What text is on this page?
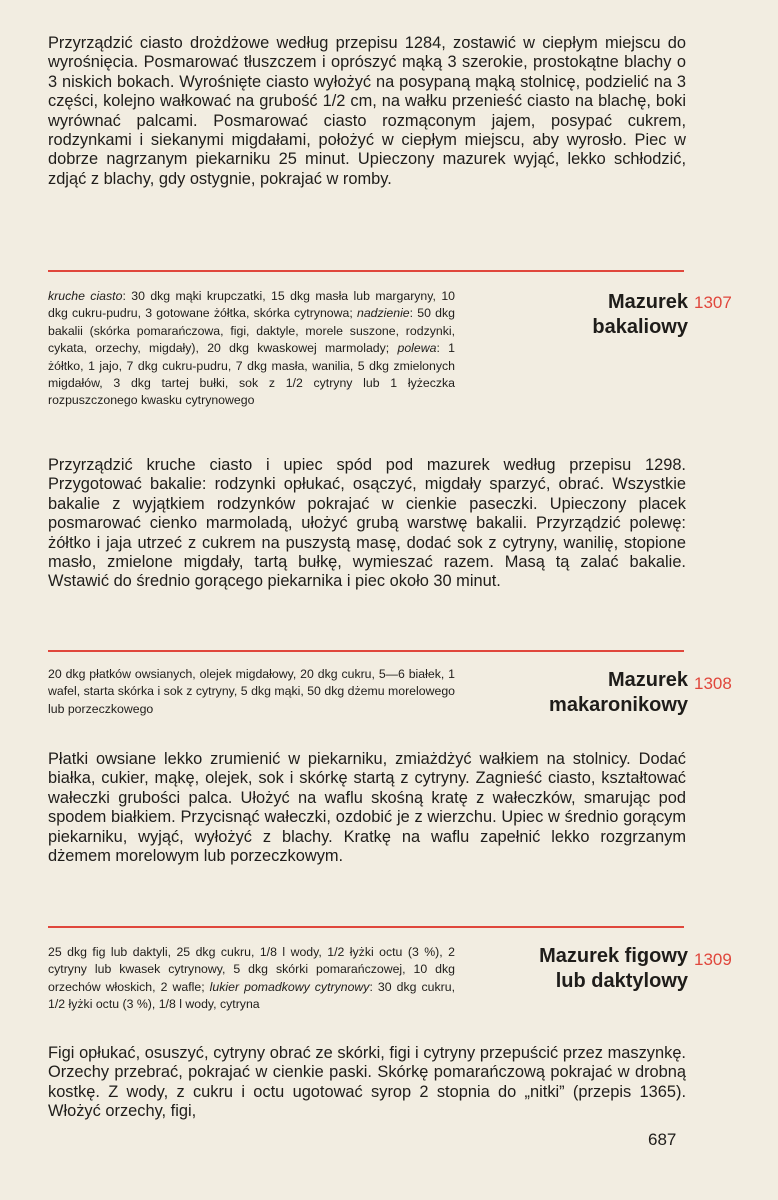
Przyrządzić ciasto drożdżowe według przepisu 1284, zostawić w ciepłym miejscu do wyrośnięcia. Posmarować tłuszczem i oprószyć mąką 3 szerokie, prostokątne blachy o 3 niskich bokach. Wyrośnięte ciasto wyłożyć na posypaną mąką stolnicę, podzielić na 3 części, kolejno wałkować na grubość 1/2 cm, na wałku przenieść ciasto na blachę, boki wyrównać palcami. Posmarować ciasto rozmąconym jajem, posypać cukrem, rodzynkami i siekanymi migdałami, położyć w ciepłym miejscu, aby wyrosło. Piec w dobrze nagrzanym piekarniku 25 minut. Upieczony mazurek wyjąć, lekko schłodzić, zdjąć z blachy, gdy ostygnie, pokrajać w romby.

kruche ciasto: 30 dkg mąki krupczatki, 15 dkg masła lub margaryny, 10 dkg cukru-pudru, 3 gotowane żółtka, skórka cytrynowa; nadzienie: 50 dkg bakalii (skórka pomarańczowa, figi, daktyle, morele suszone, rodzynki, cykata, orzechy, migdały), 20 dkg kwaskowej marmolady; polewa: 1 żółtko, 1 jajo, 7 dkg cukru-pudru, 7 dkg masła, wanilia, 5 dkg zmielonych migdałów, 3 dkg tartej bułki, sok z 1/2 cytryny lub 1 łyżeczka rozpuszczonego kwasku cytrynowego

Mazurek
bakaliowy

1307

Przyrządzić kruche ciasto i upiec spód pod mazurek według przepisu 1298. Przygotować bakalie: rodzynki opłukać, osączyć, migdały sparzyć, obrać. Wszystkie bakalie z wyjątkiem rodzynków pokrajać w cienkie paseczki. Upieczony placek posmarować cienko marmoladą, ułożyć grubą warstwę bakalii. Przyrządzić polewę: żółtko i jaja utrzeć z cukrem na puszystą masę, dodać sok z cytryny, wanilię, stopione masło, zmielone migdały, tartą bułkę, wymieszać razem. Masą tą zalać bakalie. Wstawić do średnio gorącego piekarnika i piec około 30 minut.

20 dkg płatków owsianych, olejek migdałowy, 20 dkg cukru, 5—6 białek, 1 wafel, starta skórka i sok z cytryny, 5 dkg mąki, 50 dkg dżemu morelowego lub porzeczkowego

Mazurek
makaronikowy

1308

Płatki owsiane lekko zrumienić w piekarniku, zmiażdżyć wałkiem na stolnicy. Dodać białka, cukier, mąkę, olejek, sok i skórkę startą z cytryny. Zagnieść ciasto, kształtować wałeczki grubości palca. Ułożyć na waflu skośną kratę z wałeczków, smarując pod spodem białkiem. Przycisnąć wałeczki, ozdobić je z wierzchu. Upiec w średnio gorącym piekarniku, wyjąć, wyłożyć z blachy. Kratkę na waflu zapełnić lekko rozgrzanym dżemem morelowym lub porzeczkowym.

25 dkg fig lub daktyli, 25 dkg cukru, 1/8 l wody, 1/2 łyżki octu (3 %), 2 cytryny lub kwasek cytrynowy, 5 dkg skórki pomarańczowej, 10 dkg orzechów włoskich, 2 wafle; lukier pomadkowy cytrynowy: 30 dkg cukru, 1/2 łyżki octu (3 %), 1/8 l wody, cytryna

Mazurek figowy
lub daktylowy

1309

Figi opłukać, osuszyć, cytryny obrać ze skórki, figi i cytryny przepuścić przez maszynkę. Orzechy przebrać, pokrajać w cienkie paski. Skórkę pomarańczową pokrajać w drobną kostkę. Z wody, z cukru i octu ugotować syrop 2 stopnia do „nitki” (przepis 1365). Włożyć orzechy, figi,

687
